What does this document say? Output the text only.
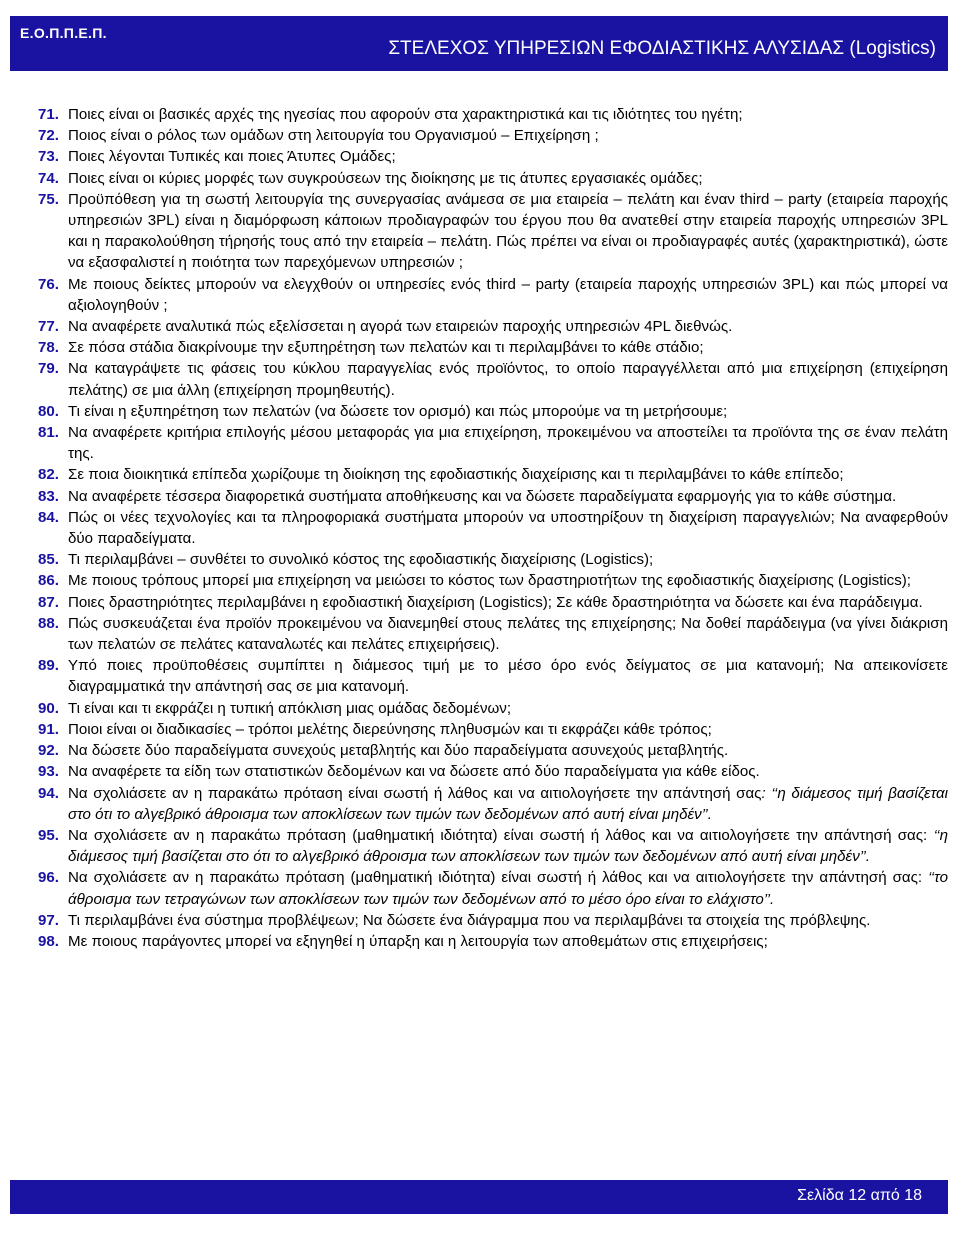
Ε.Ο.Π.Π.Ε.Π.
ΣΤΕΛΕΧΟΣ ΥΠΗΡΕΣΙΩΝ ΕΦΟΔΙΑΣΤΙΚΗΣ ΑΛΥΣΙΔΑΣ (Logistics)
71. Ποιες είναι οι βασικές αρχές της ηγεσίας που αφορούν στα χαρακτηριστικά και τις ιδιότητες του ηγέτη;
72. Ποιος είναι ο ρόλος των ομάδων στη λειτουργία του Οργανισμού – Επιχείρηση ;
73. Ποιες λέγονται Τυπικές και ποιες Άτυπες Ομάδες;
74. Ποιες είναι οι κύριες μορφές των συγκρούσεων της διοίκησης με τις άτυπες εργασιακές ομάδες;
75. Προϋπόθεση για τη σωστή λειτουργία της συνεργασίας ανάμεσα σε μια εταιρεία – πελάτη και έναν third – party (εταιρεία παροχής υπηρεσιών 3PL) είναι η διαμόρφωση κάποιων προδιαγραφών του έργου που θα ανατεθεί στην εταιρεία παροχής υπηρεσιών 3PL και η παρακολούθηση τήρησής τους από την εταιρεία – πελάτη. Πώς πρέπει να είναι οι προδιαγραφές αυτές (χαρακτηριστικά), ώστε να εξασφαλιστεί η ποιότητα των παρεχόμενων υπηρεσιών ;
76. Με ποιους δείκτες μπορούν να ελεγχθούν οι υπηρεσίες ενός third – party (εταιρεία παροχής υπηρεσιών 3PL) και πώς μπορεί να αξιολογηθούν ;
77. Να αναφέρετε αναλυτικά πώς εξελίσσεται η αγορά των εταιρειών παροχής υπηρεσιών 4PL διεθνώς.
78. Σε πόσα στάδια διακρίνουμε την εξυπηρέτηση των πελατών και τι περιλαμβάνει το κάθε στάδιο;
79. Να καταγράψετε τις φάσεις του κύκλου παραγγελίας ενός προϊόντος, το οποίο παραγγέλλεται από μια επιχείρηση (επιχείρηση πελάτης) σε μια άλλη (επιχείρηση προμηθευτής).
80. Τι είναι η εξυπηρέτηση των πελατών (να δώσετε τον ορισμό) και πώς μπορούμε να τη μετρήσουμε;
81. Να αναφέρετε κριτήρια επιλογής μέσου μεταφοράς για μια επιχείρηση, προκειμένου να αποστείλει τα προϊόντα της σε έναν πελάτη της.
82. Σε ποια διοικητικά επίπεδα χωρίζουμε τη διοίκηση της εφοδιαστικής διαχείρισης και τι περιλαμβάνει το κάθε επίπεδο;
83. Να αναφέρετε τέσσερα διαφορετικά συστήματα αποθήκευσης και να δώσετε παραδείγματα εφαρμογής για το κάθε σύστημα.
84. Πώς οι νέες τεχνολογίες και τα πληροφοριακά συστήματα μπορούν να υποστηρίξουν τη διαχείριση παραγγελιών; Να αναφερθούν δύο παραδείγματα.
85. Τι περιλαμβάνει – συνθέτει το συνολικό κόστος της εφοδιαστικής διαχείρισης (Logistics);
86. Με ποιους τρόπους μπορεί μια επιχείρηση να μειώσει το κόστος των δραστηριοτήτων της εφοδιαστικής διαχείρισης (Logistics);
87. Ποιες δραστηριότητες περιλαμβάνει η εφοδιαστική διαχείριση (Logistics); Σε κάθε δραστηριότητα να δώσετε και ένα παράδειγμα.
88. Πώς συσκευάζεται ένα προϊόν προκειμένου να διανεμηθεί στους πελάτες της επιχείρησης; Να δοθεί παράδειγμα (να γίνει διάκριση των πελατών σε πελάτες καταναλωτές και πελάτες επιχειρήσεις).
89. Υπό ποιες προϋποθέσεις συμπίπτει η διάμεσος τιμή με το μέσο όρο ενός δείγματος σε μια κατανομή; Να απεικονίσετε διαγραμματικά την απάντησή σας σε μια κατανομή.
90. Τι είναι και τι εκφράζει η τυπική απόκλιση μιας ομάδας δεδομένων;
91. Ποιοι είναι οι διαδικασίες – τρόποι μελέτης διερεύνησης πληθυσμών και τι εκφράζει κάθε τρόπος;
92. Να δώσετε δύο παραδείγματα συνεχούς μεταβλητής και δύο παραδείγματα ασυνεχούς μεταβλητής.
93. Να αναφέρετε τα είδη των στατιστικών δεδομένων και να δώσετε από δύο παραδείγματα για κάθε είδος.
94. Να σχολιάσετε αν η παρακάτω πρόταση είναι σωστή ή λάθος και να αιτιολογήσετε την απάντησή σας: ‘‘η διάμεσος τιμή βασίζεται στο ότι το αλγεβρικό άθροισμα των αποκλίσεων των τιμών των δεδομένων από αυτή είναι μηδέν’’.
95. Να σχολιάσετε αν η παρακάτω πρόταση (μαθηματική ιδιότητα) είναι σωστή ή λάθος και να αιτιολογήσετε την απάντησή σας: ‘‘η διάμεσος τιμή βασίζεται στο ότι το αλγεβρικό άθροισμα των αποκλίσεων των τιμών των δεδομένων από αυτή είναι μηδέν’’.
96. Να σχολιάσετε αν η παρακάτω πρόταση (μαθηματική ιδιότητα) είναι σωστή ή λάθος και να αιτιολογήσετε την απάντησή σας: ‘‘το άθροισμα των τετραγώνων των αποκλίσεων των τιμών των δεδομένων από το μέσο όρο είναι το ελάχιστο’’.
97. Τι περιλαμβάνει ένα σύστημα προβλέψεων; Να δώσετε ένα διάγραμμα που να περιλαμβάνει τα στοιχεία της πρόβλεψης.
98. Με ποιους παράγοντες μπορεί να εξηγηθεί η ύπαρξη και η λειτουργία των αποθεμάτων στις επιχειρήσεις;
Σελίδα 12 από 18
